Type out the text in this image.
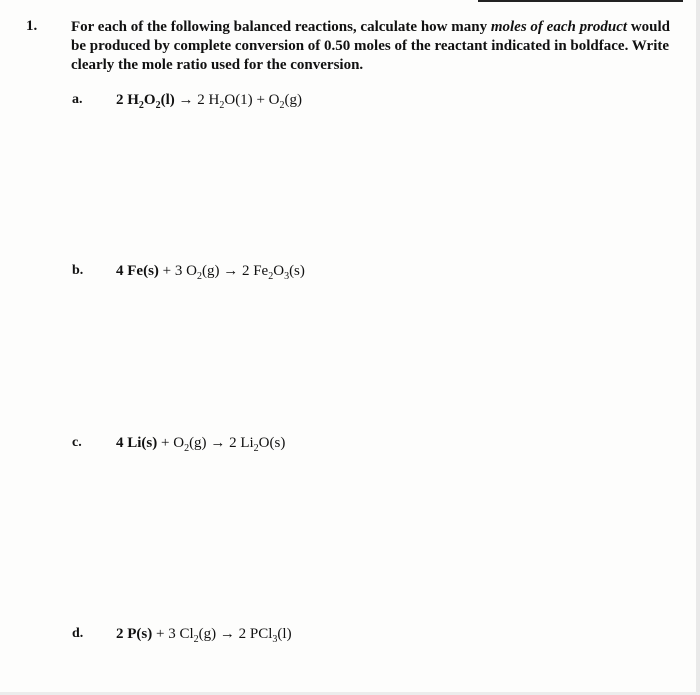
1. For each of the following balanced reactions, calculate how many moles of each product would be produced by complete conversion of 0.50 moles of the reactant indicated in boldface. Write clearly the mole ratio used for the conversion.
a. 2 $H_2O_2(l) \to 2$ $H_2O(1) + O_2(g)$
b. 4 Fe(s) + 3 $O_2(g) \to 2$ $Fe_2O_3(s)$
c. 4 $Li(s) + O_2(g) \to 2$ $Li_2O(s)$
d. 2 P(s) + 3 $Cl_2(g) \to 2$ PCl$_3$(l)
